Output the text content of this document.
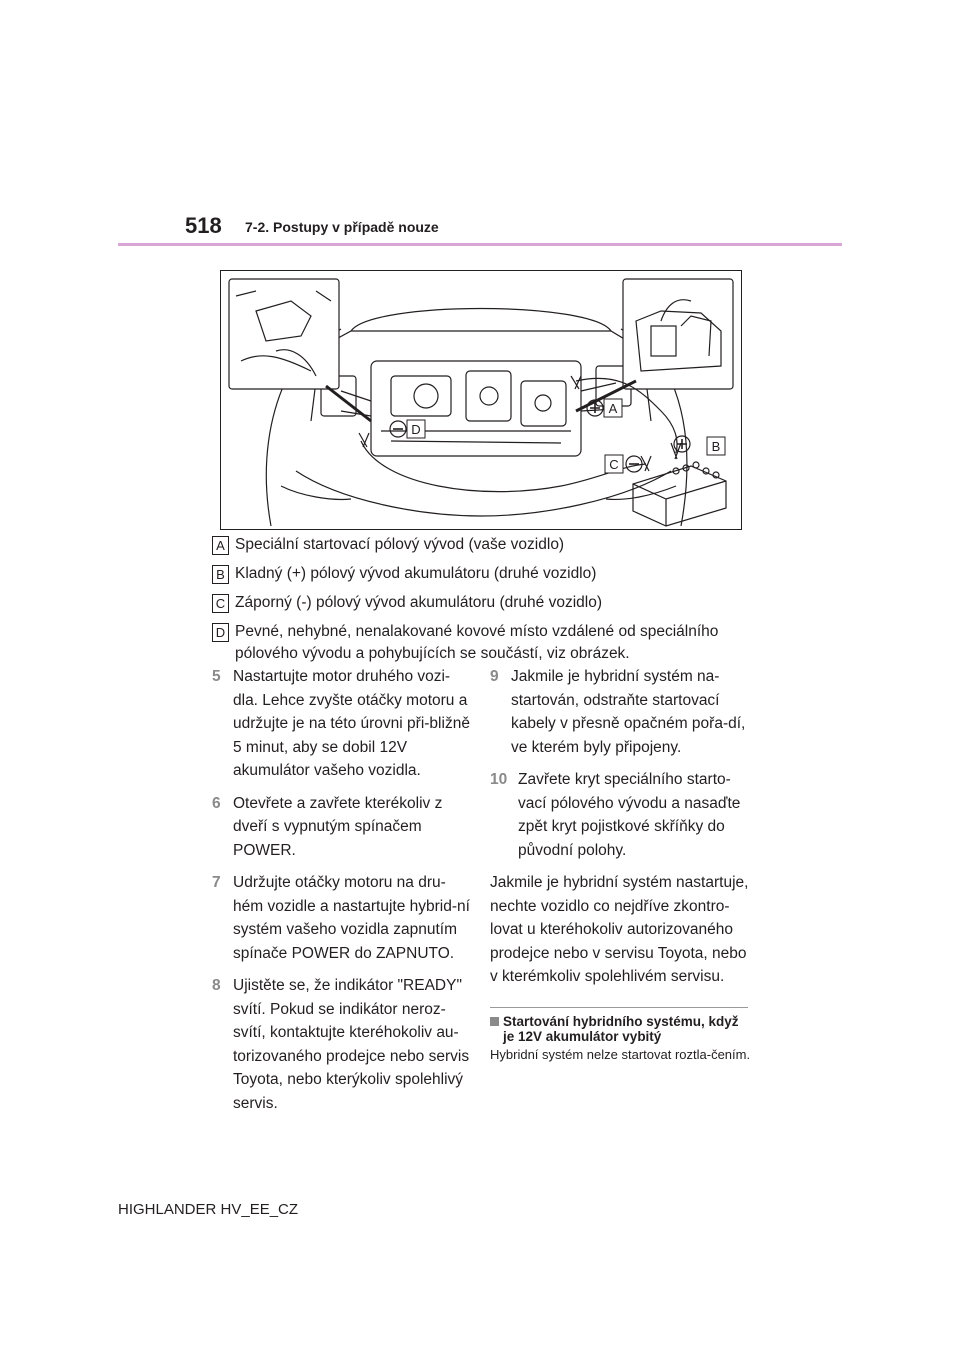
518 7-2. Postupy v případě nouze
A
D
B
C
A Speciální startovací pólový vývod (vaše vozidlo)
B Kladný (+) pólový vývod akumulátoru (druhé vozidlo)
C Záporný (-) pólový vývod akumulátoru (druhé vozidlo)
D Pevné, nehybné, nenalakované kovové místo vzdálené od speciálního pólového vývodu a pohybujících se součástí, viz obrázek.
5 Nastartujte motor druhého vozi-dla. Lehce zvyšte otáčky motoru a udržujte je na této úrovni při-bližně 5 minut, aby se dobil 12V akumulátor vašeho vozidla.
6 Otevřete a zavřete kterékoliv z dveří s vypnutým spínačem POWER.
7 Udržujte otáčky motoru na dru-hém vozidle a nastartujte hybrid-ní systém vašeho vozidla zapnutím spínače POWER do ZAPNUTO.
8 Ujistěte se, že indikátor "READY" svítí. Pokud se indikátor neroz-svítí, kontaktujte kteréhokoliv au-torizovaného prodejce nebo servis Toyota, nebo kterýkoliv spolehlivý servis.
9 Jakmile je hybridní systém na-startován, odstraňte startovací kabely v přesně opačném pořa-dí, ve kterém byly připojeny.
10 Zavřete kryt speciálního starto-vací pólového vývodu a nasaďte zpět kryt pojistkové skříňky do původní polohy.
Jakmile je hybridní systém nastartuje, nechte vozidlo co nejdříve zkontro-lovat u kteréhokoliv autorizovaného prodejce nebo v servisu Toyota, nebo v kterémkoliv spolehlivém servisu.
Startování hybridního systému, když je 12V akumulátor vybitý
Hybridní systém nelze startovat roztla-čením.
HIGHLANDER HV_EE_CZ
